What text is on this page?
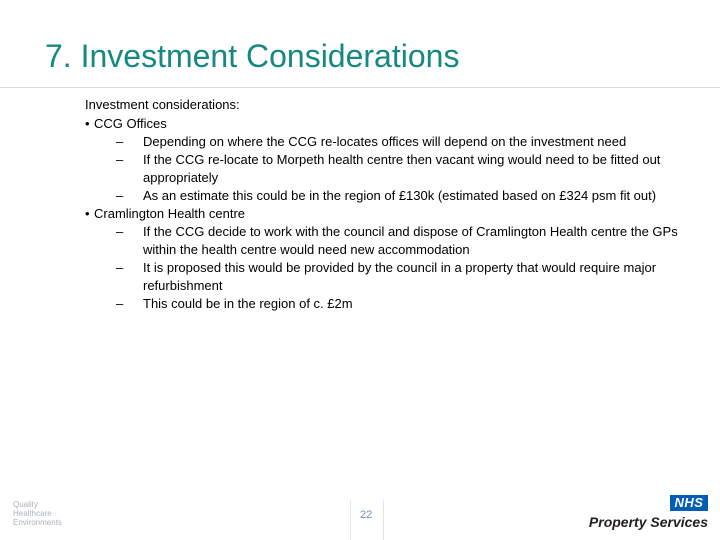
7. Investment Considerations
Investment considerations:
• CCG Offices
– Depending on where the CCG re-locates offices will depend on the investment need
– If the CCG re-locate to Morpeth health centre then vacant wing would need to be fitted out appropriately
– As an estimate this could be in the region of £130k (estimated based on £324 psm fit out)
• Cramlington Health centre
– If the CCG decide to work with the council and dispose of Cramlington Health centre the GPs within the health centre would need new accommodation
– It is proposed this would be provided by the council in a property that would require major refurbishment
– This could be in the region of c. £2m
Quality
Healthcare
Environments
22
NHS
Property Services
